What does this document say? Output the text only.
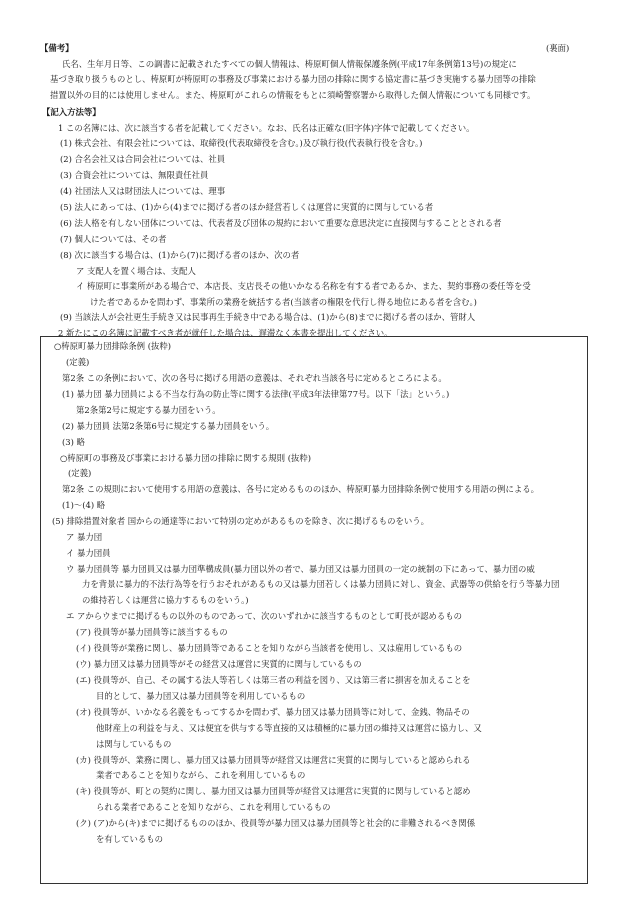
【備考】	(裏面)
氏名、生年月日等、この調書に記載されたすべての個人情報は、梼原町個人情報保護条例(平成17年条例第13号)の規定に
基づき取り扱うものとし、梼原町が梼原町の事務及び事業における暴力団の排除に関する協定書に基づき実施する暴力団等の排除
措置以外の目的には使用しません。また、梼原町がこれらの情報をもとに須崎警察署から取得した個人情報についても同様です。
【記入方法等】
1 この名簿には、次に該当する者を記載してください。なお、氏名は正確な(旧字体)字体で記載してください。
(1) 株式会社、有限会社については、取締役(代表取締役を含む。)及び執行役(代表執行役を含む。)
(2) 合名会社又は合同会社については、社員
(3) 合資会社については、無限責任社員
(4) 社団法人又は財団法人については、理事
(5) 法人にあっては、(1)から(4)までに掲げる者のほか経営若しくは運営に実質的に関与している者
(6) 法人格を有しない団体については、代表者及び団体の規約において重要な意思決定に直接関与することとされる者
(7) 個人については、その者
(8) 次に該当する場合は、(1)から(7)に掲げる者のほか、次の者
ア 支配人を置く場合は、支配人
イ 梼原町に事業所がある場合で、本店長、支店長その他いかなる名称を有する者であるか、また、契約事務の委任等を受
けた者であるかを問わず、事業所の業務を統括する者(当該者の権限を代行し得る地位にある者を含む。)
(9) 当該法人が会社更生手続き又は民事再生手続き中である場合は、(1)から(8)までに掲げる者のほか、管財人
2 新たにこの名簿に記載すべき者が就任した場合は、遅滞なく本書を提出してください。
○梼原町暴力団排除条例 (抜粋)
(定義)
第2条 この条例において、次の各号に掲げる用語の意義は、それぞれ当該各号に定めるところによる。
(1) 暴力団 暴力団員による不当な行為の防止等に関する法律(平成3年法律第77号。以下「法」という。)
第2条第2号に規定する暴力団をいう。
(2) 暴力団員 法第2条第6号に規定する暴力団員をいう。
(3) 略
○梼原町の事務及び事業における暴力団の排除に関する規則 (抜粋)
(定義)
第2条 この規則において使用する用語の意義は、各号に定めるもののほか、梼原町暴力団排除条例で使用する用語の例による。
(1)〜(4) 略
(5) 排除措置対象者 国からの通達等において特別の定めがあるものを除き、次に掲げるものをいう。
ア 暴力団
イ 暴力団員
ウ 暴力団員等 暴力団員又は暴力団準構成員(暴力団以外の者で、暴力団又は暴力団員の一定の統制の下にあって、暴力団の威
力を背景に暴力的不法行為等を行うおそれがあるもの又は暴力団若しくは暴力団員に対し、資金、武器等の供給を行う等暴力団
の維持若しくは運営に協力するものをいう。)
エ アからウまでに掲げるもの以外のものであって、次のいずれかに該当するものとして町長が認めるもの
(ア) 役員等が暴力団員等に該当するもの
(イ) 役員等が業務に関し、暴力団員等であることを知りながら当該者を使用し、又は雇用しているもの
(ウ) 暴力団又は暴力団員等がその経営又は運営に実質的に関与しているもの
(エ) 役員等が、自己、その属する法人等若しくは第三者の利益を図り、又は第三者に損害を加えることを
目的として、暴力団又は暴力団員等を利用しているもの
(オ) 役員等が、いかなる名義をもってするかを問わず、暴力団又は暴力団員等に対して、金銭、物品その
他財産上の利益を与え、又は便宜を供与する等直接的又は積極的に暴力団の維持又は運営に協力し、又
は関与しているもの
(カ) 役員等が、業務に関し、暴力団又は暴力団員等が経営又は運営に実質的に関与していると認められる
業者であることを知りながら、これを利用しているもの
(キ) 役員等が、町との契約に関し、暴力団又は暴力団員等が経営又は運営に実質的に関与していると認め
られる業者であることを知りながら、これを利用しているもの
(ク) (ア)から(キ)までに掲げるもののほか、役員等が暴力団又は暴力団員等と社会的に非難されるべき関係
を有しているもの
